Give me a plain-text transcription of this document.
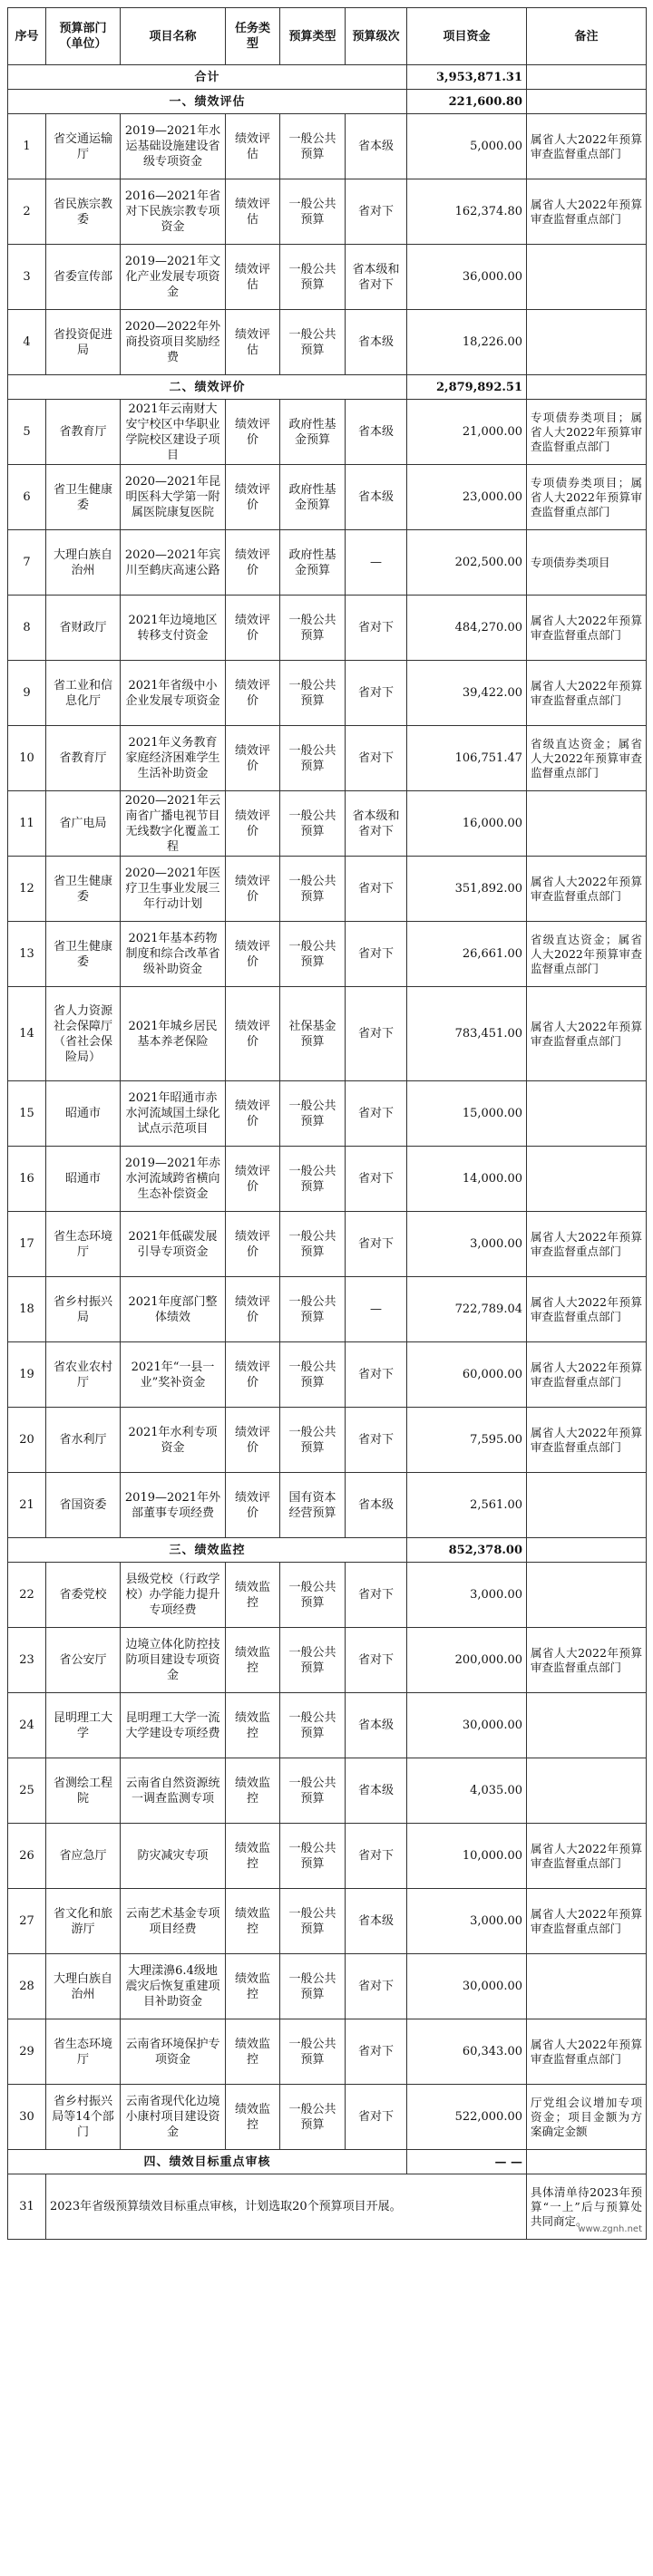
序号	预算部门（单位）	项目名称	任务类型	预算类型	预算级次	项目资金	备注
合计						3,953,871.31	
一、绩效评估						221,600.80	
1	省交通运输厅	2019—2021年水运基础设施建设省级专项资金	绩效评估	一般公共预算	省本级	5,000.00	属省人大2022年预算审查监督重点部门
2	省民族宗教委	2016—2021年省对下民族宗教专项资金	绩效评估	一般公共预算	省对下	162,374.80	属省人大2022年预算审查监督重点部门
3	省委宣传部	2019—2021年文化产业发展专项资金	绩效评估	一般公共预算	省本级和省对下	36,000.00	
4	省投资促进局	2020—2022年外商投资项目奖励经费	绩效评估	一般公共预算	省本级	18,226.00	
二、绩效评价						2,879,892.51	
5	省教育厅	2021年云南财大安宁校区中华职业学院校区建设子项目	绩效评价	政府性基金预算	省本级	21,000.00	专项债券类项目；属省人大2022年预算审查监督重点部门
6	省卫生健康委	2020—2021年昆明医科大学第一附属医院康复医院	绩效评价	政府性基金预算	省本级	23,000.00	专项债券类项目；属省人大2022年预算审查监督重点部门
7	大理白族自治州	2020—2021年宾川至鹤庆高速公路	绩效评价	政府性基金预算	—	202,500.00	专项债券类项目
8	省财政厅	2021年边境地区转移支付资金	绩效评价	一般公共预算	省对下	484,270.00	属省人大2022年预算审查监督重点部门
9	省工业和信息化厅	2021年省级中小企业发展专项资金	绩效评价	一般公共预算	省对下	39,422.00	属省人大2022年预算审查监督重点部门
10	省教育厅	2021年义务教育家庭经济困难学生生活补助资金	绩效评价	一般公共预算	省对下	106,751.47	省级直达资金；属省人大2022年预算审查监督重点部门
11	省广电局	2020—2021年云南省广播电视节目无线数字化覆盖工程	绩效评价	一般公共预算	省本级和省对下	16,000.00	
12	省卫生健康委	2020—2021年医疗卫生事业发展三年行动计划	绩效评价	一般公共预算	省对下	351,892.00	属省人大2022年预算审查监督重点部门
13	省卫生健康委	2021年基本药物制度和综合改革省级补助资金	绩效评价	一般公共预算	省对下	26,661.00	省级直达资金；属省人大2022年预算审查监督重点部门
14	省人力资源社会保障厅（省社会保险局）	2021年城乡居民基本养老保险	绩效评价	社保基金预算	省对下	783,451.00	属省人大2022年预算审查监督重点部门
15	昭通市	2021年昭通市赤水河流域国土绿化试点示范项目	绩效评价	一般公共预算	省对下	15,000.00	
16	昭通市	2019—2021年赤水河流域跨省横向生态补偿资金	绩效评价	一般公共预算	省对下	14,000.00	
17	省生态环境厅	2021年低碳发展引导专项资金	绩效评价	一般公共预算	省对下	3,000.00	属省人大2022年预算审查监督重点部门
18	省乡村振兴局	2021年度部门整体绩效	绩效评价	一般公共预算	—	722,789.04	属省人大2022年预算审查监督重点部门
19	省农业农村厅	2021年“一县一业”奖补资金	绩效评价	一般公共预算	省对下	60,000.00	属省人大2022年预算审查监督重点部门
20	省水利厅	2021年水利专项资金	绩效评价	一般公共预算	省对下	7,595.00	属省人大2022年预算审查监督重点部门
21	省国资委	2019—2021年外部董事专项经费	绩效评价	国有资本经营预算	省本级	2,561.00	
三、绩效监控						852,378.00	
22	省委党校	县级党校（行政学校）办学能力提升专项经费	绩效监控	一般公共预算	省对下	3,000.00	
23	省公安厅	边境立体化防控技防项目建设专项资金	绩效监控	一般公共预算	省对下	200,000.00	属省人大2022年预算审查监督重点部门
24	昆明理工大学	昆明理工大学一流大学建设专项经费	绩效监控	一般公共预算	省本级	30,000.00	
25	省测绘工程院	云南省自然资源统一调查监测专项	绩效监控	一般公共预算	省本级	4,035.00	
26	省应急厅	防灾减灾专项	绩效监控	一般公共预算	省对下	10,000.00	属省人大2022年预算审查监督重点部门
27	省文化和旅游厅	云南艺术基金专项项目经费	绩效监控	一般公共预算	省本级	3,000.00	属省人大2022年预算审查监督重点部门
28	大理白族自治州	大理漾濞6.4级地震灾后恢复重建项目补助资金	绩效监控	一般公共预算	省对下	30,000.00	
29	省生态环境厅	云南省环境保护专项资金	绩效监控	一般公共预算	省对下	60,343.00	属省人大2022年预算审查监督重点部门
30	省乡村振兴局等14个部门	云南省现代化边境小康村项目建设资金	绩效监控	一般公共预算	省对下	522,000.00	厅党组会议增加专项资金；项目金额为方案确定金额
四、绩效目标重点审核						— —	
31	2023年省级预算绩效目标重点审核，计划选取20个预算项目开展。						具体清单待2023年预算“一上”后与预算处共同商定。
www.zgnh.net
